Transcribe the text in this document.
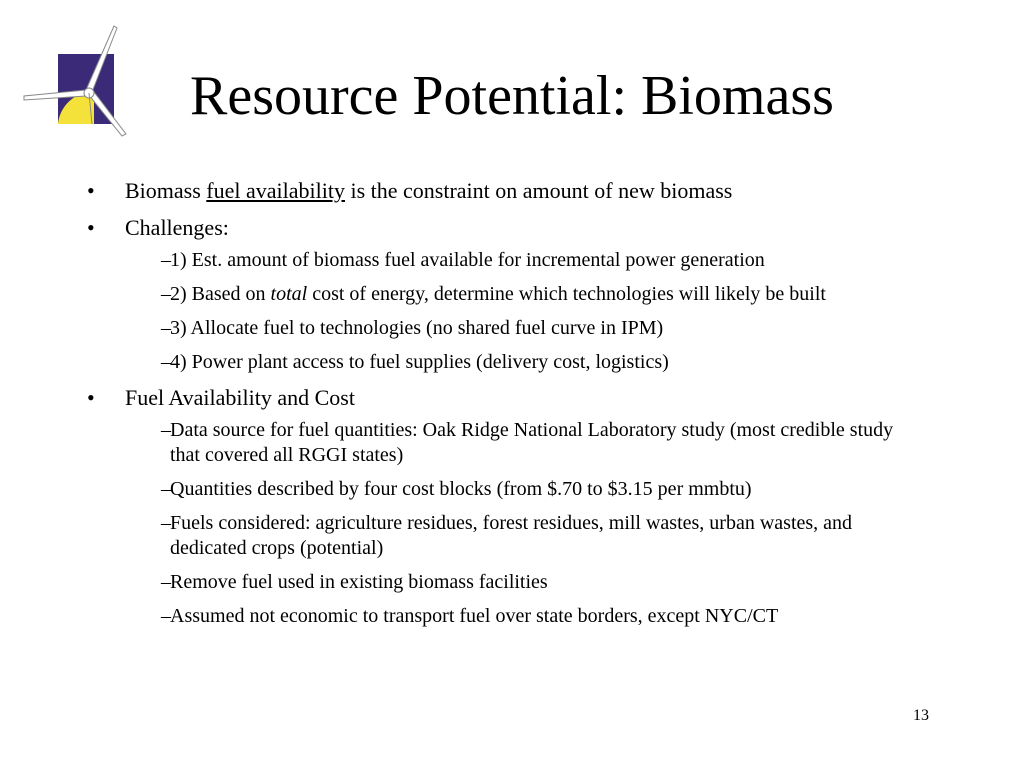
Resource Potential: Biomass
• Biomass fuel availability is the constraint on amount of new biomass
• Challenges:
– 1) Est. amount of biomass fuel available for incremental power generation
– 2) Based on total cost of energy, determine which technologies will likely be built
– 3) Allocate fuel to technologies (no shared fuel curve in IPM)
– 4) Power plant access to fuel supplies (delivery cost, logistics)
• Fuel Availability and Cost
– Data source for fuel quantities: Oak Ridge National Laboratory study (most credible study that covered all RGGI states)
– Quantities described by four cost blocks (from $.70 to $3.15 per mmbtu)
– Fuels considered: agriculture residues, forest residues, mill wastes, urban wastes, and dedicated crops (potential)
– Remove fuel used in existing biomass facilities
– Assumed not economic to transport fuel over state borders, except NYC/CT
13
